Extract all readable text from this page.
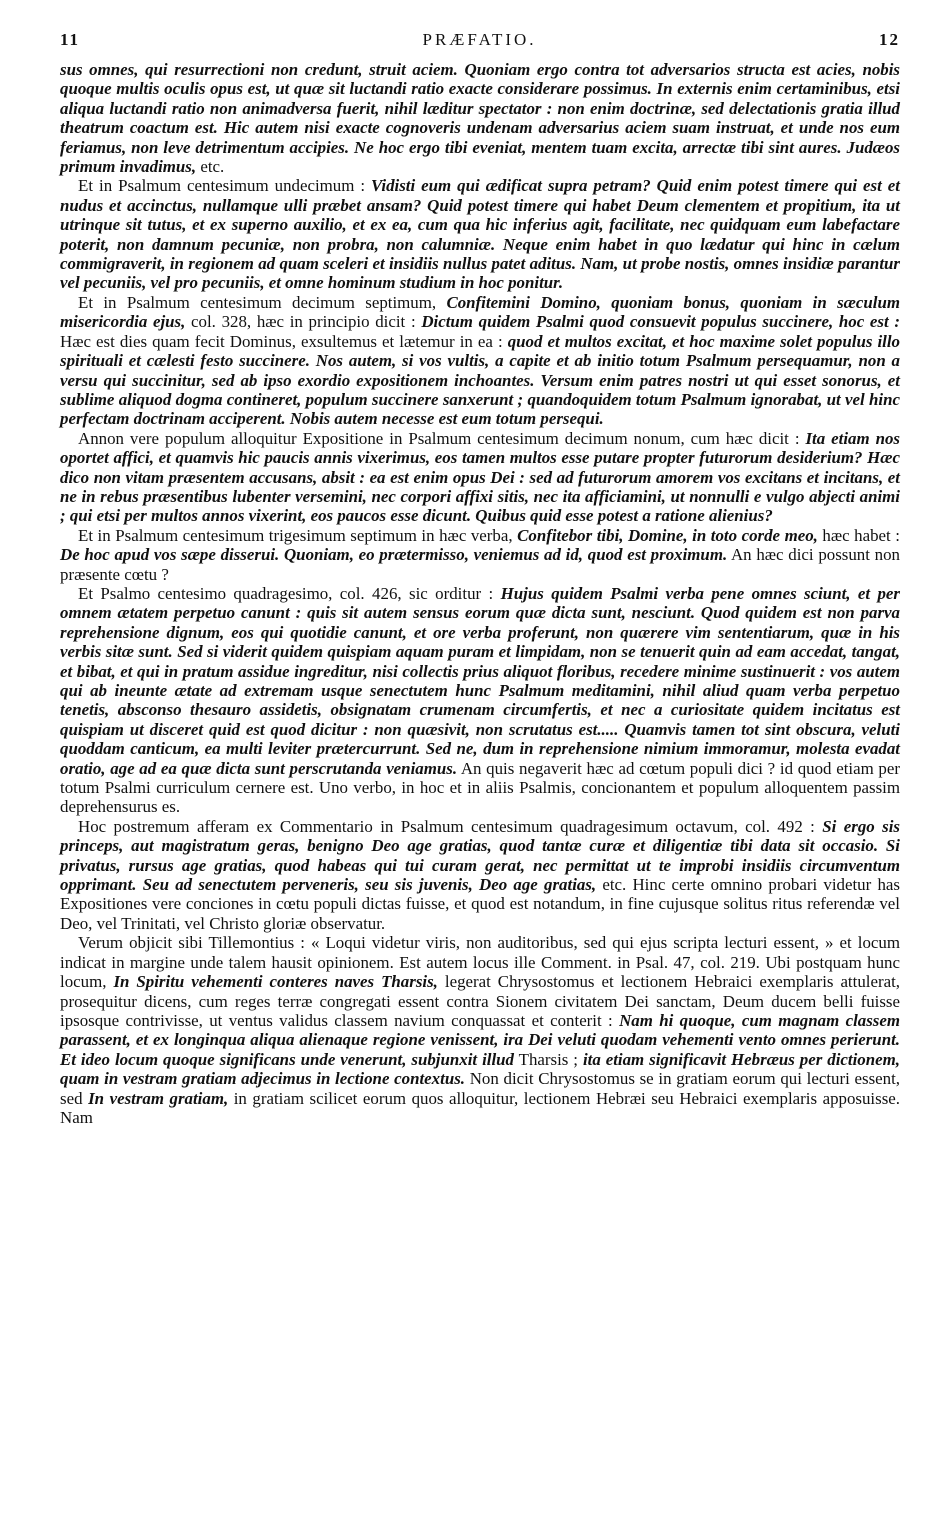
11	PRÆFATIO.	12

sus omnes, qui resurrectioni non credunt, struit aciem. Quoniam ergo contra tot adversarios structa est acies, nobis quoque multis oculis opus est, ut quæ sit luctandi ratio exacte considerare possimus. In externis enim certaminibus, etsi aliqua luctandi ratio non animadversa fuerit, nihil læditur spectator : non enim doctrinæ, sed delectationis gratia illud theatrum coactum est. Hic autem nisi exacte cognoveris undenam adversarius aciem suam instruat, et unde nos eum feriamus, non leve detrimentum accipies. Ne hoc ergo tibi eveniat, mentem tuam excita, arrectæ tibi sint aures. Judæos primum invadimus, etc.

Et in Psalmum centesimum undecimum : Vidisti eum qui ædificat supra petram? Quid enim potest timere qui est et nudus et accinctus, nullamque ulli præbet ansam? Quid potest timere qui habet Deum clementem et propitium, ita ut utrinque sit tutus, et ex superno auxilio, et ex ea, cum qua hic inferius agit, facilitate, nec quidquam eum labefactare poterit, non damnum pecuniæ, non probra, non calumniæ. Neque enim habet in quo lædatur qui hinc in cælum commigraverit, in regionem ad quam sceleri et insidiis nullus patet aditus. Nam, ut probe nostis, omnes insidiæ parantur vel pecuniis, vel pro pecuniis, et omne hominum studium in hoc ponitur.

Et in Psalmum centesimum decimum septimum, Confitemini Domino, quoniam bonus, quoniam in sæculum misericordia ejus, col. 328, hæc in principio dicit : Dictum quidem Psalmi quod consuevit populus succinere, hoc est : Hæc est dies quam fecit Dominus, exsultemus et lætemur in ea : quod et multos excitat, et hoc maxime solet populus illo spirituali et cælesti festo succinere. Nos autem, si vos vultis, a capite et ab initio totum Psalmum persequamur, non a versu qui succinitur, sed ab ipso exordio expositionem inchoantes. Versum enim patres nostri ut qui esset sonorus, et sublime aliquod dogma contineret, populum succinere sanxerunt ; quandoquidem totum Psalmum ignorabat, ut vel hinc perfectam doctrinam acciperent. Nobis autem necesse est eum totum persequi.

Annon vere populum alloquitur Expositione in Psalmum centesimum decimum nonum, cum hæc dicit : Ita etiam nos oportet affici, et quamvis hic paucis annis vixerimus, eos tamen multos esse putare propter futurorum desiderium? Hæc dico non vitam præsentem accusans, absit : ea est enim opus Dei : sed ad futurorum amorem vos excitans et incitans, et ne in rebus præsentibus lubenter versemini, nec corpori affixi sitis, nec ita afficiamini, ut nonnulli e vulgo abjecti animi ; qui etsi per multos annos vixerint, eos paucos esse dicunt. Quibus quid esse potest a ratione alienius?

Et in Psalmum centesimum trigesimum septimum in hæc verba, Confitebor tibi, Domine, in toto corde meo, hæc habet : De hoc apud vos sæpe disserui. Quoniam, eo prætermisso, veniemus ad id, quod est proximum. An hæc dici possunt non præsente cœtu ?

Et Psalmo centesimo quadragesimo, col. 426, sic orditur : Hujus quidem Psalmi verba pene omnes sciunt, et per omnem ætatem perpetuo canunt : quis sit autem sensus eorum quæ dicta sunt, nesciunt. Quod quidem est non parva reprehensione dignum, eos qui quotidie canunt, et ore verba proferunt, non quærere vim sententiarum, quæ in his verbis sitæ sunt. Sed si viderit quidem quispiam aquam puram et limpidam, non se tenuerit quin ad eam accedat, tangat, et bibat, et qui in pratum assidue ingreditur, nisi collectis prius aliquot floribus, recedere minime sustinuerit : vos autem qui ab ineunte ætate ad extremam usque senectutem hunc Psalmum meditamini, nihil aliud quam verba perpetuo tenetis, absconso thesauro assidetis, obsignatam crumenam circumfertis, et nec a curiositate quidem incitatus est quispiam ut disceret quid est quod dicitur : non quæsivit, non scrutatus est..... Quamvis tamen tot sint obscura, veluti quoddam canticum, ea multi leviter prætercurrunt. Sed ne, dum in reprehensione nimium immoramur, molesta evadat oratio, age ad ea quæ dicta sunt perscrutanda veniamus. An quis negaverit hæc ad cœtum populi dici ? id quod etiam per totum Psalmi curriculum cernere est. Uno verbo, in hoc et in aliis Psalmis, concionantem et populum alloquentem passim deprehensurus es.

Hoc postremum afferam ex Commentario in Psalmum centesimum quadragesimum octavum, col. 492 : Si ergo sis princeps, aut magistratum geras, benigno Deo age gratias, quod tantæ curæ et diligentiæ tibi data sit occasio. Si privatus, rursus age gratias, quod habeas qui tui curam gerat, nec permittat ut te improbi insidiis circumventum opprimant. Seu ad senectutem perveneris, seu sis juvenis, Deo age gratias, etc. Hinc certe omnino probari videtur has Expositiones vere conciones in cœtu populi dictas fuisse, et quod est notandum, in fine cujusque solitus ritus referendæ vel Deo, vel Trinitati, vel Christo gloriæ observatur.

Verum objicit sibi Tillemontius : « Loqui videtur viris, non auditoribus, sed qui ejus scripta lecturi essent, » et locum indicat in margine unde talem hausit opinionem. Est autem locus ille Comment. in Psal. 47, col. 219. Ubi postquam hunc locum, In Spiritu vehementi conteres naves Tharsis, legerat Chrysostomus et lectionem Hebraici exemplaris attulerat, prosequitur dicens, cum reges terræ congregati essent contra Sionem civitatem Dei sanctam, Deum ducem belli fuisse ipsosque contrivisse, ut ventus validus classem navium conquassat et conterit : Nam hi quoque, cum magnam classem parassent, et ex longinqua aliqua alienaque regione venissent, ira Dei veluti quodam vehementi vento omnes perierunt. Et ideo locum quoque significans unde venerunt, subjunxit illud Tharsis ; ita etiam significavit Hebræus per dictionem, quam in vestram gratiam adjecimus in lectione contextus. Non dicit Chrysostomus se in gratiam eorum qui lecturi essent, sed In vestram gratiam, in gratiam scilicet eorum quos alloquitur, lectionem Hebræi seu Hebraici exemplaris apposuisse. Nam
